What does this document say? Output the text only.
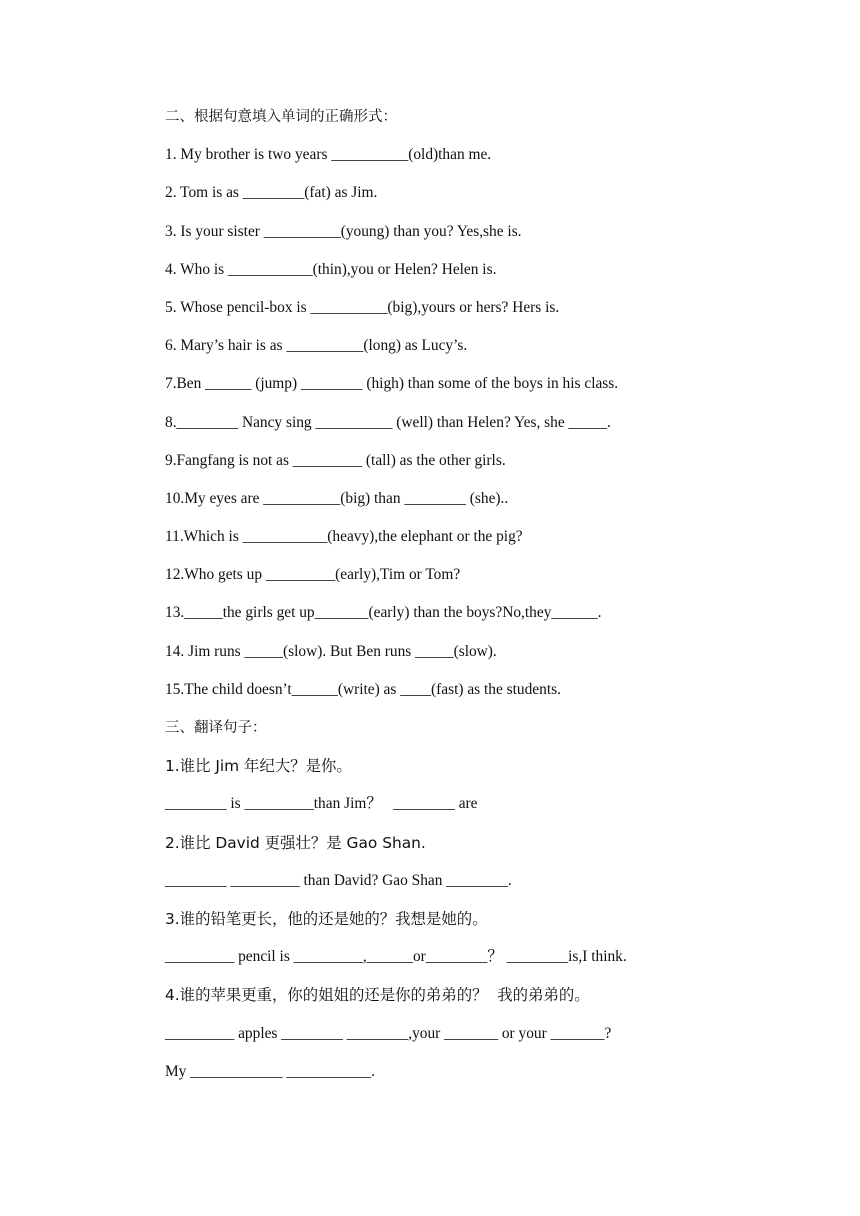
二、根据句意填入单词的正确形式：
1. My brother is two years __________(old)than me.
2. Tom is as ________(fat) as Jim.
3. Is your sister __________(young) than you? Yes,she is.
4. Who is ___________(thin),you or Helen? Helen is.
5. Whose pencil-box is __________(big),yours or hers? Hers is.
6. Mary’s hair is as __________(long) as Lucy’s.
7.Ben ______ (jump) ________ (high) than some of the boys in his class.
8.________ Nancy sing __________ (well) than Helen? Yes, she _____.
9.Fangfang is not as _________ (tall) as the other girls.
10.My eyes are __________(big) than ________ (she)..
11.Which is ___________(heavy),the elephant or the pig?
12.Who gets up _________(early),Tim or Tom?
13._____the girls get up_______(early) than the boys?No,they______.
14. Jim runs _____(slow). But Ben runs _____(slow).
15.The child doesn’t______(write) as ____(fast) as the students.
三、翻译句子：
1.谁比 Jim 年纪大？是你。
________ is _________than Jim？   ________ are
2.谁比 David 更强壮？是 Gao Shan.
________ _________ than David? Gao Shan ________.
3.谁的铅笔更长，他的还是她的？我想是她的。
_________ pencil is _________,______or________？ ________is,I think.
4.谁的苹果更重，你的姐姐的还是你的弟弟的？  我的弟弟的。
_________ apples ________ ________,your _______ or your _______?
My ____________ ___________.
